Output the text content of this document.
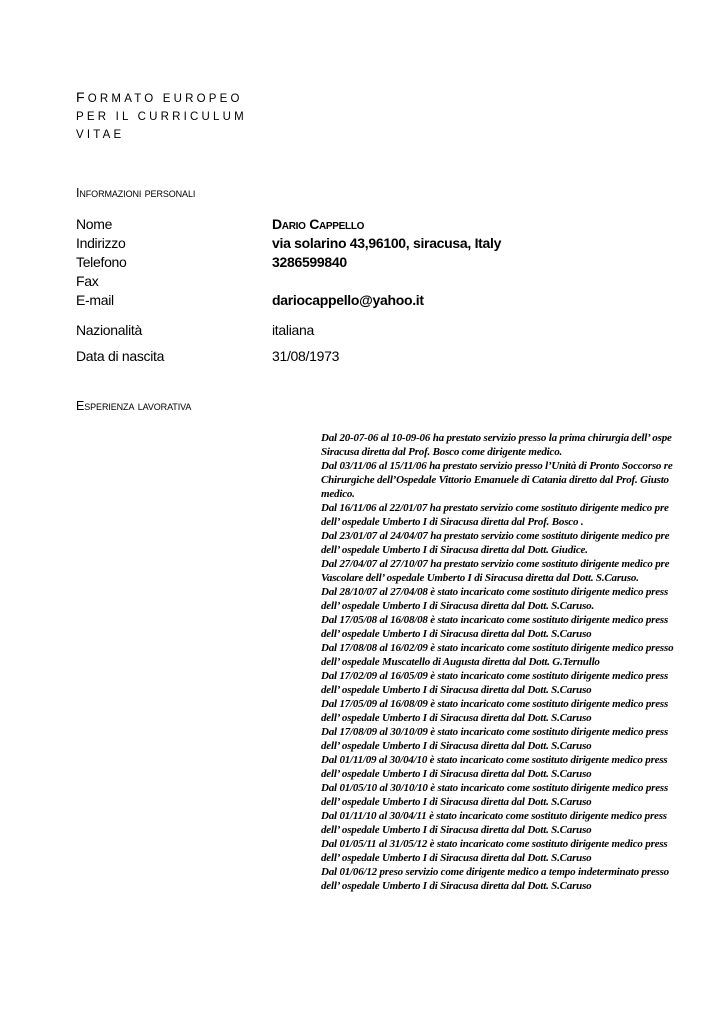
FORMATO EUROPEO
PER IL CURRICULUM
VITAE
Informazioni personali
Nome	Dario Cappello
Indirizzo	via solarino 43,96100, siracusa, Italy
Telefono	3286599840
Fax
E-mail	dariocappello@yahoo.it
Nazionalità	italiana
Data di nascita	31/08/1973
Esperienza lavorativa
Dal 20-07-06 al 10-09-06 ha prestato servizio presso la prima chirurgia dell’ ospe
Siracusa diretta dal Prof. Bosco come dirigente medico.
Dal 03/11/06 al 15/11/06 ha prestato servizio presso l’Unità di Pronto Soccorso re
Chirurgiche dell’Ospedale Vittorio Emanuele di Catania diretto dal Prof. Giusto
medico.
Dal 16/11/06 al 22/01/07 ha prestato servizio come sostituto dirigente medico pre
dell’ ospedale Umberto I di Siracusa diretta dal Prof. Bosco .
Dal 23/01/07 al 24/04/07 ha prestato servizio come sostituto dirigente medico pre
dell’ ospedale Umberto I di Siracusa diretta dal Dott. Giudice.
Dal 27/04/07 al 27/10/07 ha prestato servizio come sostituto dirigente medico pre
Vascolare dell’ ospedale Umberto I di Siracusa diretta dal Dott. S.Caruso.
Dal 28/10/07 al 27/04/08 è stato incaricato come sostituto dirigente medico press
dell’ ospedale Umberto I di Siracusa diretta dal Dott. S.Caruso.
Dal 17/05/08 al 16/08/08 è stato incaricato come sostituto dirigente medico press
dell’ ospedale Umberto I di Siracusa diretta dal Dott. S.Caruso
Dal 17/08/08 al 16/02/09 è stato incaricato come sostituto dirigente medico presso
dell’ ospedale Muscatello di Augusta diretta dal Dott. G.Ternullo
Dal 17/02/09 al 16/05/09 è stato incaricato come sostituto dirigente medico press
dell’ ospedale Umberto I di Siracusa diretta dal Dott. S.Caruso
Dal 17/05/09 al 16/08/09 è stato incaricato come sostituto dirigente medico press
dell’ ospedale Umberto I di Siracusa diretta dal Dott. S.Caruso
Dal 17/08/09 al 30/10/09 è stato incaricato come sostituto dirigente medico press
dell’ ospedale Umberto I di Siracusa diretta dal Dott. S.Caruso
Dal 01/11/09 al 30/04/10 è stato incaricato come sostituto dirigente medico press
dell’ ospedale Umberto I di Siracusa diretta dal Dott. S.Caruso
Dal 01/05/10 al 30/10/10 è stato incaricato come sostituto dirigente medico press
dell’ ospedale Umberto I di Siracusa diretta dal Dott. S.Caruso
Dal 01/11/10 al 30/04/11 è stato incaricato come sostituto dirigente medico press
dell’ ospedale Umberto I di Siracusa diretta dal Dott. S.Caruso
Dal 01/05/11 al 31/05/12 è stato incaricato come sostituto dirigente medico press
dell’ ospedale Umberto I di Siracusa diretta dal Dott. S.Caruso
Dal 01/06/12 preso servizio come dirigente medico a tempo indeterminato presso
dell’ ospedale Umberto I di Siracusa diretta dal Dott. S.Caruso
